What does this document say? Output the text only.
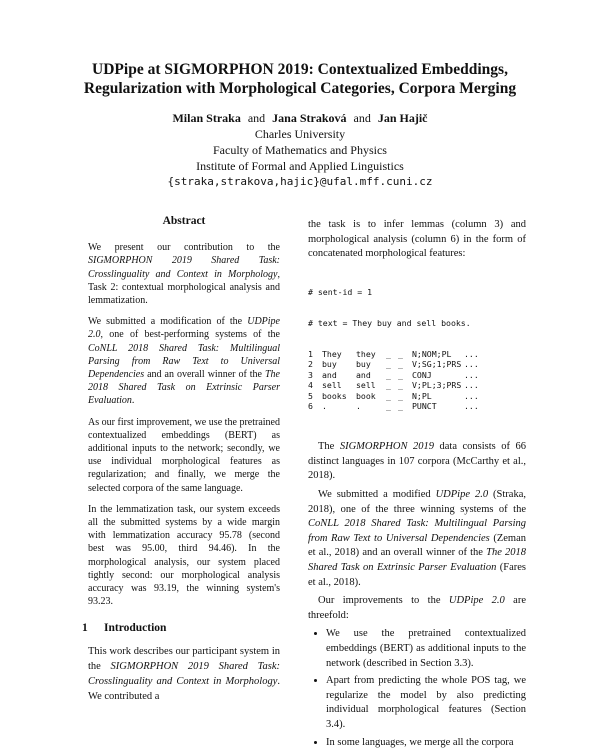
UDPipe at SIGMORPHON 2019: Contextualized Embeddings,
Regularization with Morphological Categories, Corpora Merging
Milan Straka and Jana Straková and Jan Hajič
Charles University
Faculty of Mathematics and Physics
Institute of Formal and Applied Linguistics
{straka,strakova,hajic}@ufal.mff.cuni.cz
Abstract

We present our contribution to the SIGMORPHON 2019 Shared Task: Crosslinguality and Context in Morphology, Task 2: contextual morphological analysis and lemmatization.

We submitted a modification of the UDPipe 2.0, one of best-performing systems of the CoNLL 2018 Shared Task: Multilingual Parsing from Raw Text to Universal Dependencies and an overall winner of the The 2018 Shared Task on Extrinsic Parser Evaluation.

As our first improvement, we use the pretrained contextualized embeddings (BERT) as additional inputs to the network; secondly, we use individual morphological features as regularization; and finally, we merge the selected corpora of the same language.

In the lemmatization task, our system exceeds all the submitted systems by a wide margin with lemmatization accuracy 95.78 (second best was 95.00, third 94.46). In the morphological analysis, our system placed tightly second: our morphological analysis accuracy was 93.19, the winning system's 93.23.

1 Introduction

This work describes our participant system in the SIGMORPHON 2019 Shared Task: Crosslinguality and Context in Morphology. We contributed a

the task is to infer lemmas (column 3) and morphological analysis (column 6) in the form of concatenated morphological features:

# sent-id = 1

# text = They buy and sell books.

1 They they _ _ N;NOM;PL ...
2 buy buy _ _ V;SG;1;PRS ...
3 and and _ _ CONJ	...
4 sell sell _ _ V;PL;3;PRS ...
5 books book _ _ N;PL	...
6 .	.	_ _ PUNCT	...

The SIGMORPHON 2019 data consists of 66 distinct languages in 107 corpora (McCarthy et al., 2018).

We submitted a modified UDPipe 2.0 (Straka, 2018), one of the three winning systems of the CoNLL 2018 Shared Task: Multilingual Parsing from Raw Text to Universal Dependencies (Zeman et al., 2018) and an overall winner of the The 2018 Shared Task on Extrinsic Parser Evaluation (Fares et al., 2018).

Our improvements to the UDPipe 2.0 are threefold:

• We use the pretrained contextualized embeddings (BERT) as additional inputs to the network (described in Section 3.3).
• Apart from predicting the whole POS tag, we regularize the model by also predicting individual morphological features (Section 3.4).
• In some languages, we merge all the corpora
